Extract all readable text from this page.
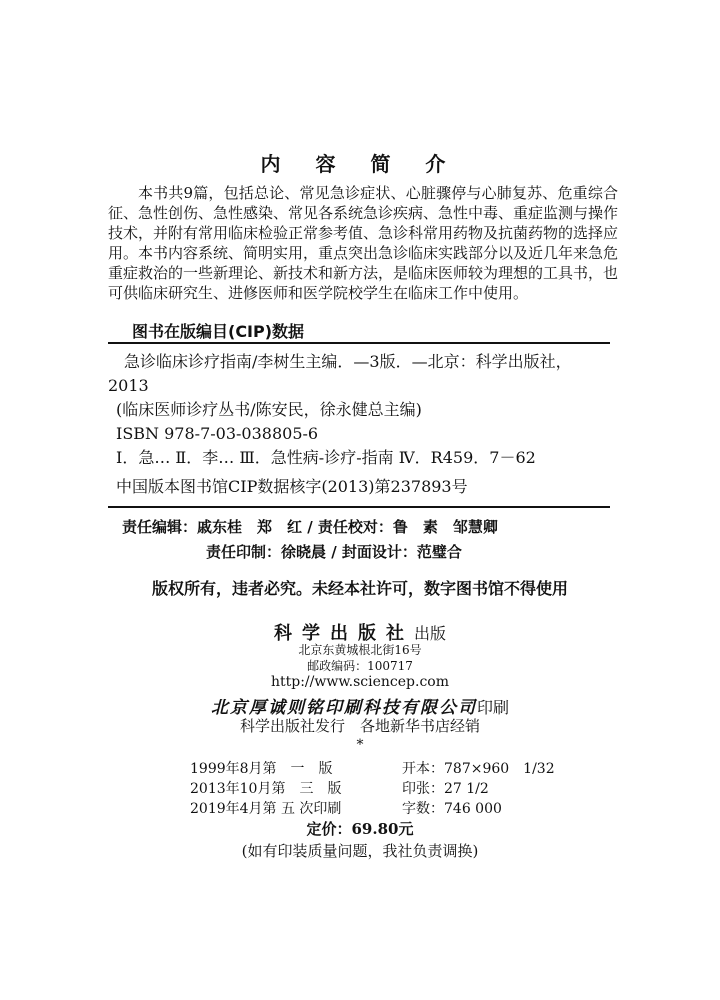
内 容 简 介

本书共9篇，包括总论、常见急诊症状、心脏骤停与心肺复苏、危重综合征、急性创伤、急性感染、常见各系统急诊疾病、急性中毒、重症监测与操作技术，并附有常用临床检验正常参考值、急诊科常用药物及抗菌药物的选择应用。 本书内容系统、简明实用，重点突出急诊临床实践部分以及近几年来急危重症救治的一些新理论、新技术和新方法，是临床医师较为理想的工具书，也可供临床研究生、进修医师和医学院校学生在临床工作中使用。

图书在版编目(CIP)数据

急诊临床诊疗指南/李树生主编．—3版．—北京：科学出版社，2013

(临床医师诊疗丛书/陈安民，徐永健总主编)

ISBN 978-7-03-038805-6

Ⅰ．急… Ⅱ．李… Ⅲ．急性病-诊疗-指南 Ⅳ．R459．7－62

中国版本图书馆CIP数据核字(2013)第237893号

责任编辑：戚东桂　郑　红 / 责任校对：鲁　素　邹慧卿
责任印制：徐晓晨 / 封面设计：范璧合
版权所有，违者必究。未经本社许可，数字图书馆不得使用
科学出版社出版
北京东黄城根北街16号
邮政编码：100717
http://www.sciencep.com
北京厚诚则铭印刷科技有限公司印刷
科学出版社发行　各地新华书店经销
*
1999年8月第　一　版	开本：787×960　1/32
2013年10月第　三　版	印张：27 1/2
2019年4月第 五 次印刷	字数：746 000
定价：69.80元
(如有印装质量问题，我社负责调换)
